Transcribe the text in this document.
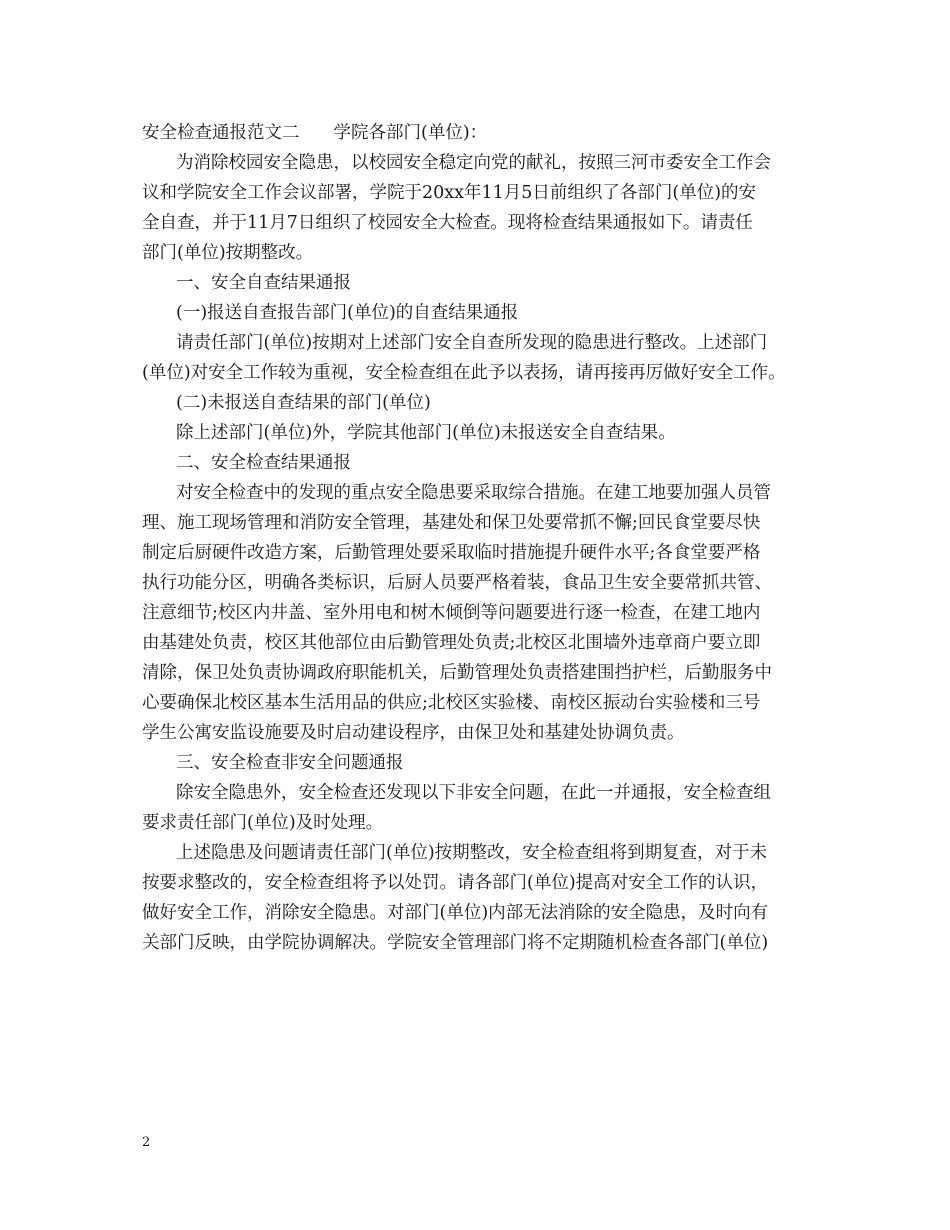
安全检查通报范文二 学院各部门(单位)：
为消除校园安全隐患，以校园安全稳定向党的献礼，按照三河市委安全工作会
议和学院安全工作会议部署，学院于20xx年11月5日前组织了各部门(单位)的安
全自查，并于11月7日组织了校园安全大检查。现将检查结果通报如下。请责任
部门(单位)按期整改。
一、安全自查结果通报
(一)报送自查报告部门(单位)的自查结果通报
请责任部门(单位)按期对上述部门安全自查所发现的隐患进行整改。上述部门
(单位)对安全工作较为重视，安全检查组在此予以表扬，请再接再厉做好安全工作。
(二)未报送自查结果的部门(单位)
除上述部门(单位)外，学院其他部门(单位)未报送安全自查结果。
二、安全检查结果通报
对安全检查中的发现的重点安全隐患要采取综合措施。在建工地要加强人员管
理、施工现场管理和消防安全管理，基建处和保卫处要常抓不懈;回民食堂要尽快
制定后厨硬件改造方案，后勤管理处要采取临时措施提升硬件水平;各食堂要严格
执行功能分区，明确各类标识，后厨人员要严格着装，食品卫生安全要常抓共管、
注意细节;校区内井盖、室外用电和树木倾倒等问题要进行逐一检查，在建工地内
由基建处负责，校区其他部位由后勤管理处负责;北校区北围墙外违章商户要立即
清除，保卫处负责协调政府职能机关，后勤管理处负责搭建围挡护栏，后勤服务中
心要确保北校区基本生活用品的供应;北校区实验楼、南校区振动台实验楼和三号
学生公寓安监设施要及时启动建设程序，由保卫处和基建处协调负责。
三、安全检查非安全问题通报
除安全隐患外，安全检查还发现以下非安全问题，在此一并通报，安全检查组
要求责任部门(单位)及时处理。
上述隐患及问题请责任部门(单位)按期整改，安全检查组将到期复查，对于未
按要求整改的，安全检查组将予以处罚。请各部门(单位)提高对安全工作的认识，
做好安全工作，消除安全隐患。对部门(单位)内部无法消除的安全隐患，及时向有
关部门反映，由学院协调解决。学院安全管理部门将不定期随机检查各部门(单位)
2
